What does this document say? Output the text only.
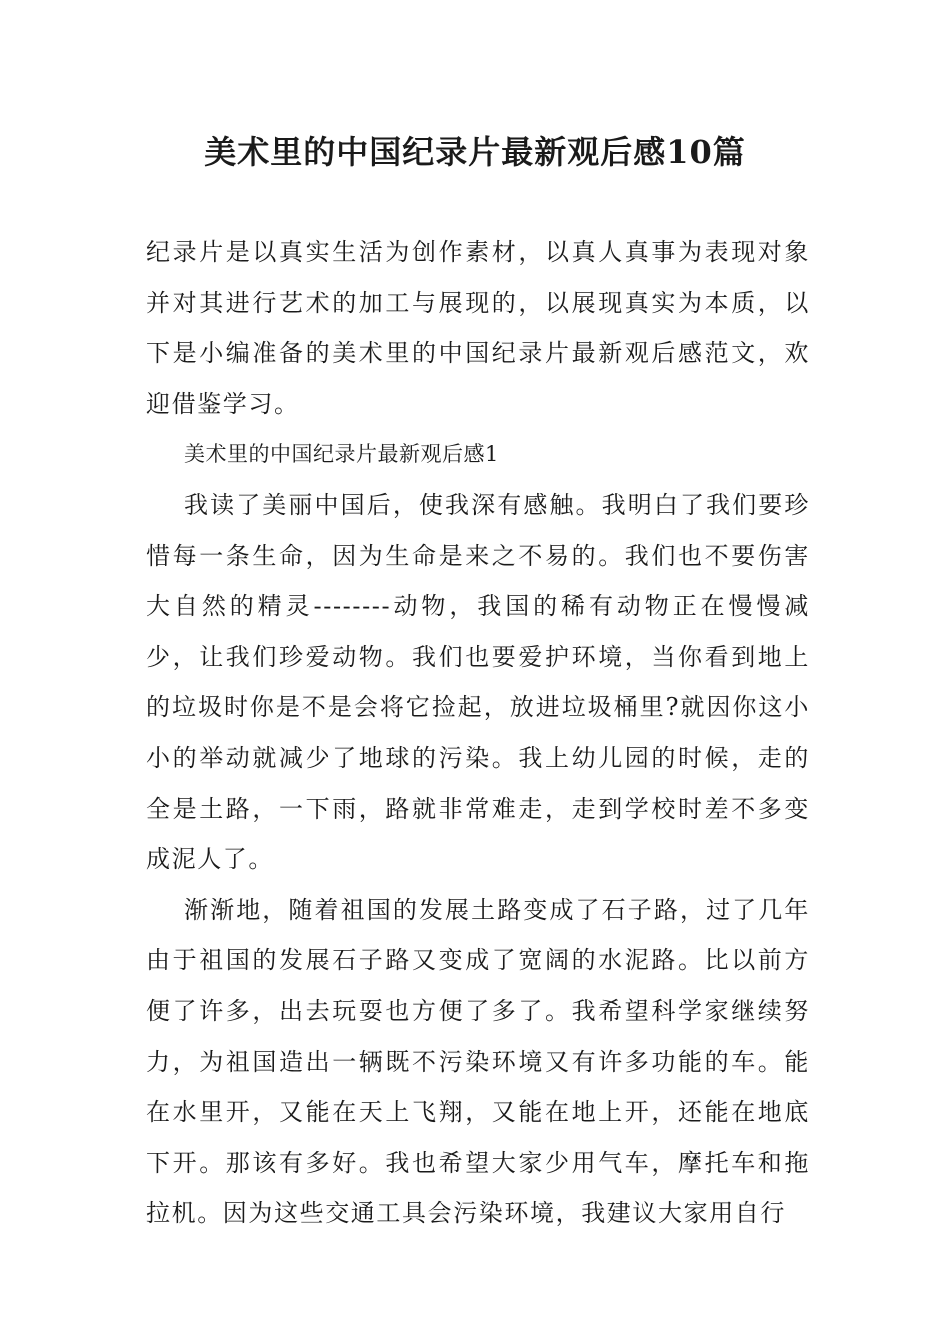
美术里的中国纪录片最新观后感10篇

纪录片是以真实生活为创作素材，以真人真事为表现对象并对其进行艺术的加工与展现的，以展现真实为本质，以下是小编准备的美术里的中国纪录片最新观后感范文，欢迎借鉴学习。

美术里的中国纪录片最新观后感1

我读了美丽中国后，使我深有感触。我明白了我们要珍惜每一条生命，因为生命是来之不易的。我们也不要伤害大自然的精灵--------动物，我国的稀有动物正在慢慢减少，让我们珍爱动物。我们也要爱护环境，当你看到地上的垃圾时你是不是会将它捡起，放进垃圾桶里?就因你这小小的举动就减少了地球的污染。我上幼儿园的时候，走的全是土路，一下雨，路就非常难走，走到学校时差不多变成泥人了。

渐渐地，随着祖国的发展土路变成了石子路，过了几年由于祖国的发展石子路又变成了宽阔的水泥路。比以前方便了许多，出去玩耍也方便了多了。我希望科学家继续努力，为祖国造出一辆既不污染环境又有许多功能的车。能在水里开，又能在天上飞翔，又能在地上开，还能在地底下开。那该有多好。我也希望大家少用气车，摩托车和拖拉机。因为这些交通工具会污染环境，我建议大家用自行
